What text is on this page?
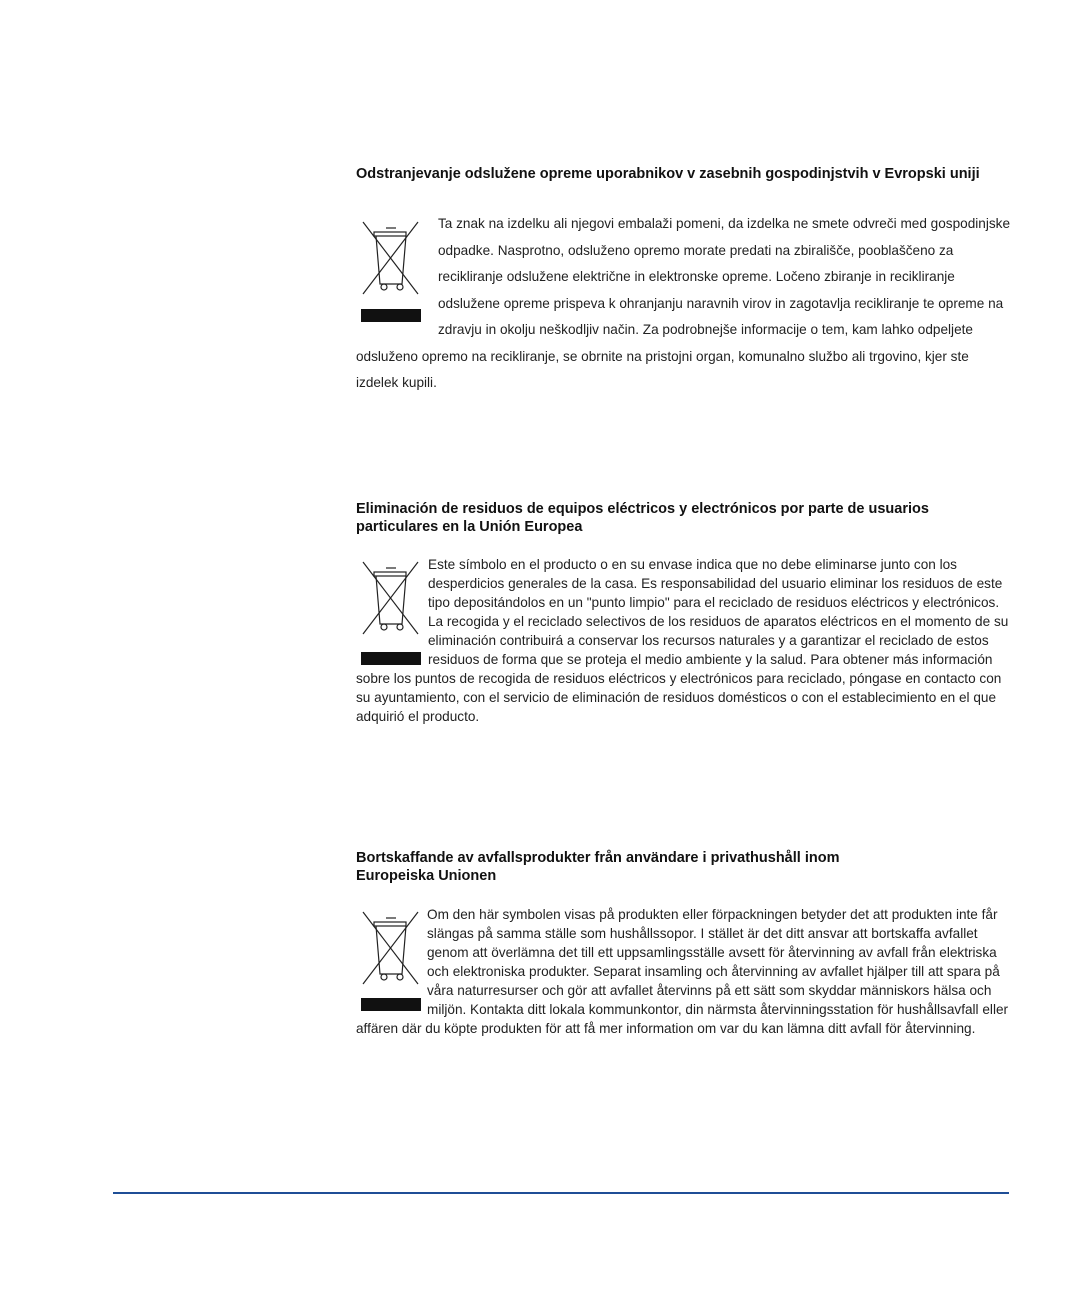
Odstranjevanje odslužene opreme uporabnikov v zasebnih gospodinjstvih v Evropski uniji
Ta znak na izdelku ali njegovi embalaži pomeni, da izdelka ne smete odvreči med gospodinjske odpadke. Nasprotno, odsluženo opremo morate predati na zbirališče, pooblaščeno za recikliranje odslužene električne in elektronske opreme. Ločeno zbiranje in recikliranje odslužene opreme prispeva k ohranjanju naravnih virov in zagotavlja recikliranje te opreme na zdravju in okolju neškodljiv način. Za podrobnejše informacije o tem, kam lahko odpeljete odsluženo opremo na recikliranje, se obrnite na pristojni organ, komunalno službo ali trgovino, kjer ste izdelek kupili.
Eliminación de residuos de equipos eléctricos y electrónicos por parte de usuarios particulares en la Unión Europea
Este símbolo en el producto o en su envase indica que no debe eliminarse junto con los desperdicios generales de la casa. Es responsabilidad del usuario eliminar los residuos de este tipo depositándolos en un "punto limpio" para el reciclado de residuos eléctricos y electrónicos. La recogida y el reciclado selectivos de los residuos de aparatos eléctricos en el momento de su eliminación contribuirá a conservar los recursos naturales y a garantizar el reciclado de estos residuos de forma que se proteja el medio ambiente y la salud. Para obtener más información sobre los puntos de recogida de residuos eléctricos y electrónicos para reciclado, póngase en contacto con su ayuntamiento, con el servicio de eliminación de residuos domésticos o con el establecimiento en el que adquirió el producto.
Bortskaffande av avfallsprodukter från användare i privathushåll inom Europeiska Unionen
Om den här symbolen visas på produkten eller förpackningen betyder det att produkten inte får slängas på samma ställe som hushållssopor. I stället är det ditt ansvar att bortskaffa avfallet genom att överlämna det till ett uppsamlingsställe avsett för återvinning av avfall från elektriska och elektroniska produkter. Separat insamling och återvinning av avfallet hjälper till att spara på våra naturresurser och gör att avfallet återvinns på ett sätt som skyddar människors hälsa och miljön. Kontakta ditt lokala kommunkontor, din närmsta återvinningsstation för hushållsavfall eller affären där du köpte produkten för att få mer information om var du kan lämna ditt avfall för återvinning.
